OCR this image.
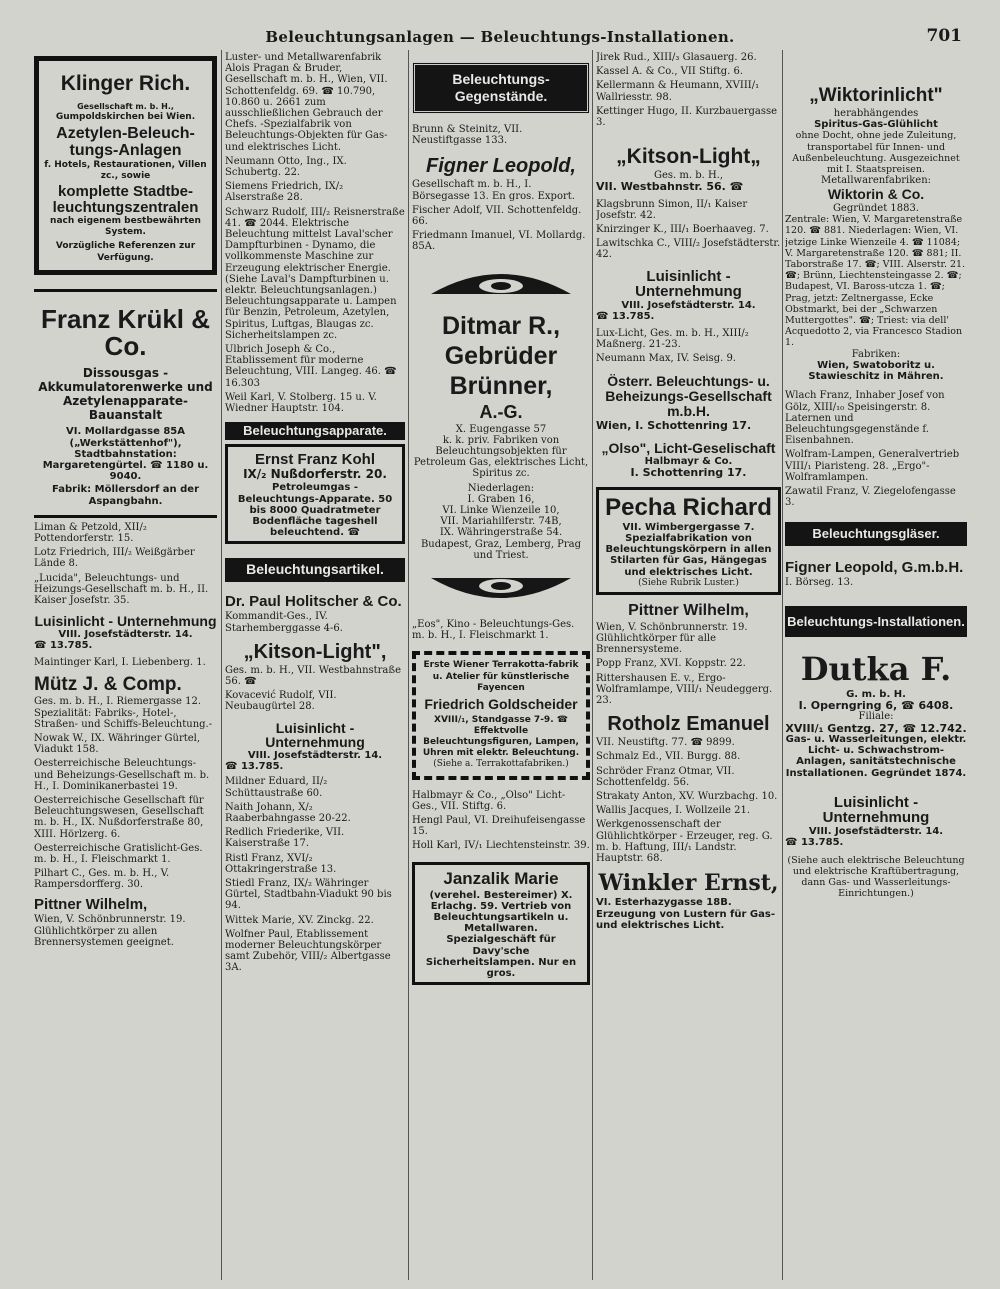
Beleuchtungsanlagen — Beleuchtungs-Installationen.	701
Klinger Rich.
Gesellschaft m. b. H.,
Gumpoldskirchen bei Wien.
Azetylen-Beleuch-
tungs-Anlagen
f. Hotels, Restaurationen, Villen zc., sowie
komplette Stadtbe-
leuchtungszentralen
nach eigenem bestbewährten System.
Vorzügliche Referenzen zur Verfügung.
Franz Krükl & Co.
Dissousgas - Akkumulatorenwerke und Azetylenapparate-Bauanstalt
VI. Mollardgasse 85A („Werkstättenhof"), Stadtbahnstation: Margaretengürtel. ☎ 1180 u. 9040.
Fabrik: Möllersdorf an der Aspangbahn.
Liman & Petzold, XII/₂ Pottendorferstr. 15.
Lotz Friedrich, III/₂ Weißgärber Lände 8.
„Lucida", Beleuchtungs- und Heizungs-Gesellschaft m. b. H., II. Kaiser Josefstr. 35.
Luisinlicht - Unternehmung
VIII. Josefstädterstr. 14.
☎ 13.785.
Maintinger Karl, I. Liebenberg. 1.
Mütz J. & Comp.
Ges. m. b. H., I. Riemergasse 12. Spezialität: Fabriks-, Hotel-, Straßen- und Schiffs-Beleuchtung.-
Nowak W., IX. Währinger Gürtel, Viadukt 158.
Oesterreichische Beleuchtungs- und Beheizungs-Gesellschaft m. b. H., I. Dominikanerbastei 19.
Oesterreichische Gesellschaft für Beleuchtungswesen, Gesellschaft m. b. H., IX. Nußdorferstraße 80, XIII. Hörlzerg. 6.
Oesterreichische Gratislicht-Ges. m. b. H., I. Fleischmarkt 1.
Pilhart C., Ges. m. b. H., V. Rampersdorfferg. 30.
Pittner Wilhelm,
Wien, V. Schönbrunnerstr. 19. Glühlichtkörper zu allen Brennersystemen geeignet.
Luster- und Metallwarenfabrik Alois Pragan & Bruder, Gesellschaft m. b. H., Wien, VII. Schottenfeldg. 69. ☎ 10.790, 10.860 u. 2661 zum ausschließlichen Gebrauch der Chefs. -Spezialfabrik von Beleuchtungs-Objekten für Gas- und elektrisches Licht.
Neumann Otto, Ing., IX. Schubertg. 22.
Siemens Friedrich, IX/₂ Alserstraße 28.
Schwarz Rudolf, III/₂ Reisnerstraße 41. ☎ 2044. Elektrische Beleuchtung mittelst Laval'scher Dampfturbinen - Dynamo, die vollkommenste Maschine zur Erzeugung elektrischer Energie. (Siehe Laval's Dampfturbinen u. elektr. Beleuchtungsanlagen.) Beleuchtungsapparate u. Lampen für Benzin, Petroleum, Azetylen, Spiritus, Luftgas, Blaugas zc. Sicherheitslampen zc.
Ulbrich Joseph & Co., Etablissement für moderne Beleuchtung, VIII. Langeg. 46. ☎ 16.303
Weil Karl, V. Stolberg. 15 u. V. Wiedner Hauptstr. 104.
Beleuchtungsapparate.
Ernst Franz Kohl
IX/₂ Nußdorferstr. 20.
Petroleumgas - Beleuchtungs-Apparate. 50 bis 8000 Quadratmeter Bodenfläche tageshell beleuchtend. ☎
Beleuchtungsartikel.
Dr. Paul Holitscher & Co.
Kommandit-Ges., IV. Starhemberggasse 4-6.
„Kitson-Light",
Ges. m. b. H., VII. Westbahnstraße 56. ☎
Kovacević Rudolf, VII. Neubaugürtel 28.
Luisinlicht - Unternehmung
VIII. Josefstädterstr. 14.
☎ 13.785.
Mildner Eduard, II/₂ Schüttaustraße 60.
Naith Johann, X/₂ Raaberbahngasse 20-22.
Redlich Friederike, VII. Kaiserstraße 17.
Ristl Franz, XVI/₂ Ottakringerstraße 13.
Stiedl Franz, IX/₂ Währinger Gürtel, Stadtbahn-Viadukt 90 bis 94.
Wittek Marie, XV. Zinckg. 22.
Wolfner Paul, Etablissement moderner Beleuchtungskörper samt Zubehör, VIII/₂ Albertgasse 3A.
Beleuchtungs-Gegenstände.
Brunn & Steinitz, VII. Neustiftgasse 133.
Figner Leopold,
Gesellschaft m. b. H., I. Börsegasse 13. En gros. Export.
Fischer Adolf, VII. Schottenfeldg. 66.
Friedmann Imanuel, VI. Mollardg. 85A.
Ditmar R., Gebrüder Brünner,
A.-G.
X. Eugengasse 57
k. k. priv. Fabriken von Beleuchtungsobjekten für Petroleum Gas, elektrisches Licht, Spiritus zc.
Niederlagen:
I. Graben 16,
VI. Linke Wienzeile 10,
VII. Mariahilferstr. 74B,
IX. Währingerstraße 54.
Budapest, Graz, Lemberg, Prag und Triest.
„Eos", Kino - Beleuchtungs-Ges. m. b. H., I. Fleischmarkt 1.
Erste Wiener Terrakotta-fabrik u. Atelier für künstlerische Fayencen
Friedrich Goldscheider
XVIII/₁, Standgasse 7-9. ☎ Effektvolle Beleuchtungsfiguren, Lampen, Uhren mit elektr. Beleuchtung.
(Siehe a. Terrakottafabriken.)
Halbmayr & Co., „Olso" Licht-Ges., VII. Stiftg. 6.
Hengl Paul, VI. Dreihufeisengasse 15.
Holl Karl, IV/₁ Liechtensteinstr. 39.
Janzalik Marie
(verehel. Bestereimer) X. Erlachg. 59. Vertrieb von Beleuchtungsartikeln u. Metallwaren. Spezialgeschäft für Davy'sche Sicherheitslampen. Nur en gros.
Jirek Rud., XIII/₃ Glasauerg. 26.
Kassel A. & Co., VII Stiftg. 6.
Kellermann & Heumann, XVIII/₁ Wallriesstr. 98.
Kettinger Hugo, II. Kurzbauergasse 3.
„Kitson-Light„
Ges. m. b. H.,
VII. Westbahnstr. 56. ☎
Klagsbrunn Simon, II/₁ Kaiser Josefstr. 42.
Knirzinger K., III/₁ Boerhaaveg. 7.
Lawitschka C., VIII/₂ Josefstädterstr. 42.
Luisinlicht - Unternehmung
VIII. Josefstädterstr. 14.
☎ 13.785.
Lux-Licht, Ges. m. b. H., XIII/₂ Maßnerg. 21-23.
Neumann Max, IV. Seisg. 9.
Österr. Beleuchtungs- u. Beheizungs-Gesellschaft m.b.H.
Wien, I. Schottenring 17.
„Olso", Licht-Geselischaft
Halbmayr & Co.
I. Schottenring 17.
Pecha Richard
VII. Wimbergergasse 7. Spezialfabrikation von Beleuchtungskörpern in allen Stilarten für Gas, Hängegas und elektrisches Licht.
(Siehe Rubrik Luster.)
Pittner Wilhelm,
Wien, V. Schönbrunnerstr. 19. Glühlichtkörper für alle Brennersysteme.
Popp Franz, XVI. Koppstr. 22.
Rittershausen E. v., Ergo-Wolframlampe, VIII/₁ Neudeggerg. 23.
Rotholz Emanuel
VII. Neustiftg. 77. ☎ 9899.
Schmalz Ed., VII. Burgg. 88.
Schröder Franz Otmar, VII. Schottenfeldg. 56.
Strakaty Anton, XV. Wurzbachg. 10.
Wallis Jacques, I. Wollzeile 21.
Werkgenossenschaft der Glühlichtkörper - Erzeuger, reg. G. m. b. Haftung, III/₁ Landstr. Hauptstr. 68.
Winkler Ernst,
VI. Esterhazygasse 18B. Erzeugung von Lustern für Gas- und elektrisches Licht.
„Wiktorinlicht"
herabhängendes
Spiritus-Gas-Glühlicht
ohne Docht, ohne jede Zuleitung, transportabel für Innen- und Außenbeleuchtung. Ausgezeichnet mit I. Staatspreisen.
Metallwarenfabriken:
Wiktorin & Co.
Gegründet 1883.
Zentrale: Wien, V. Margaretenstraße 120. ☎ 881. Niederlagen: Wien, VI. jetzige Linke Wienzeile 4. ☎ 11084; V. Margaretenstraße 120. ☎ 881; II. Taborstraße 17. ☎; VIII. Alserstr. 21. ☎; Brünn, Liechtensteingasse 2. ☎; Budapest, VI. Baross-utcza 1. ☎; Prag, jetzt: Zeltnergasse, Ecke Obstmarkt, bei der „Schwarzen Muttergottes". ☎; Triest: via dell' Acquedotto 2, via Francesco Stadion 1.
Fabriken:
Wien, Swatoboritz u. Stawieschitz in Mähren.
Wlach Franz, Inhaber Josef von Gölz, XIII/₁₀ Speisingerstr. 8. Laternen und Beleuchtungsgegenstände f. Eisenbahnen.
Wolfram-Lampen, Generalvertrieb VIII/₁ Piaristeng. 28. „Ergo"-Wolframlampen.
Zawatil Franz, V. Ziegelofengasse 3.
Beleuchtungsgläser.
Figner Leopold, G.m.b.H.
I. Börseg. 13.
Beleuchtungs-Installationen.
Dutka F.
G. m. b. H.
I. Operngring 6, ☎ 6408.
Filiale:
XVIII/₁ Gentzg. 27, ☎ 12.742.
Gas- u. Wasserleitungen, elektr. Licht- u. Schwachstrom-Anlagen, sanitätstechnische Installationen. Gegründet 1874.
Luisinlicht - Unternehmung
VIII. Josefstädterstr. 14.
☎ 13.785.
(Siehe auch elektrische Beleuchtung und elektrische Kraftübertragung, dann Gas- und Wasserleitungs-Einrichtungen.)
